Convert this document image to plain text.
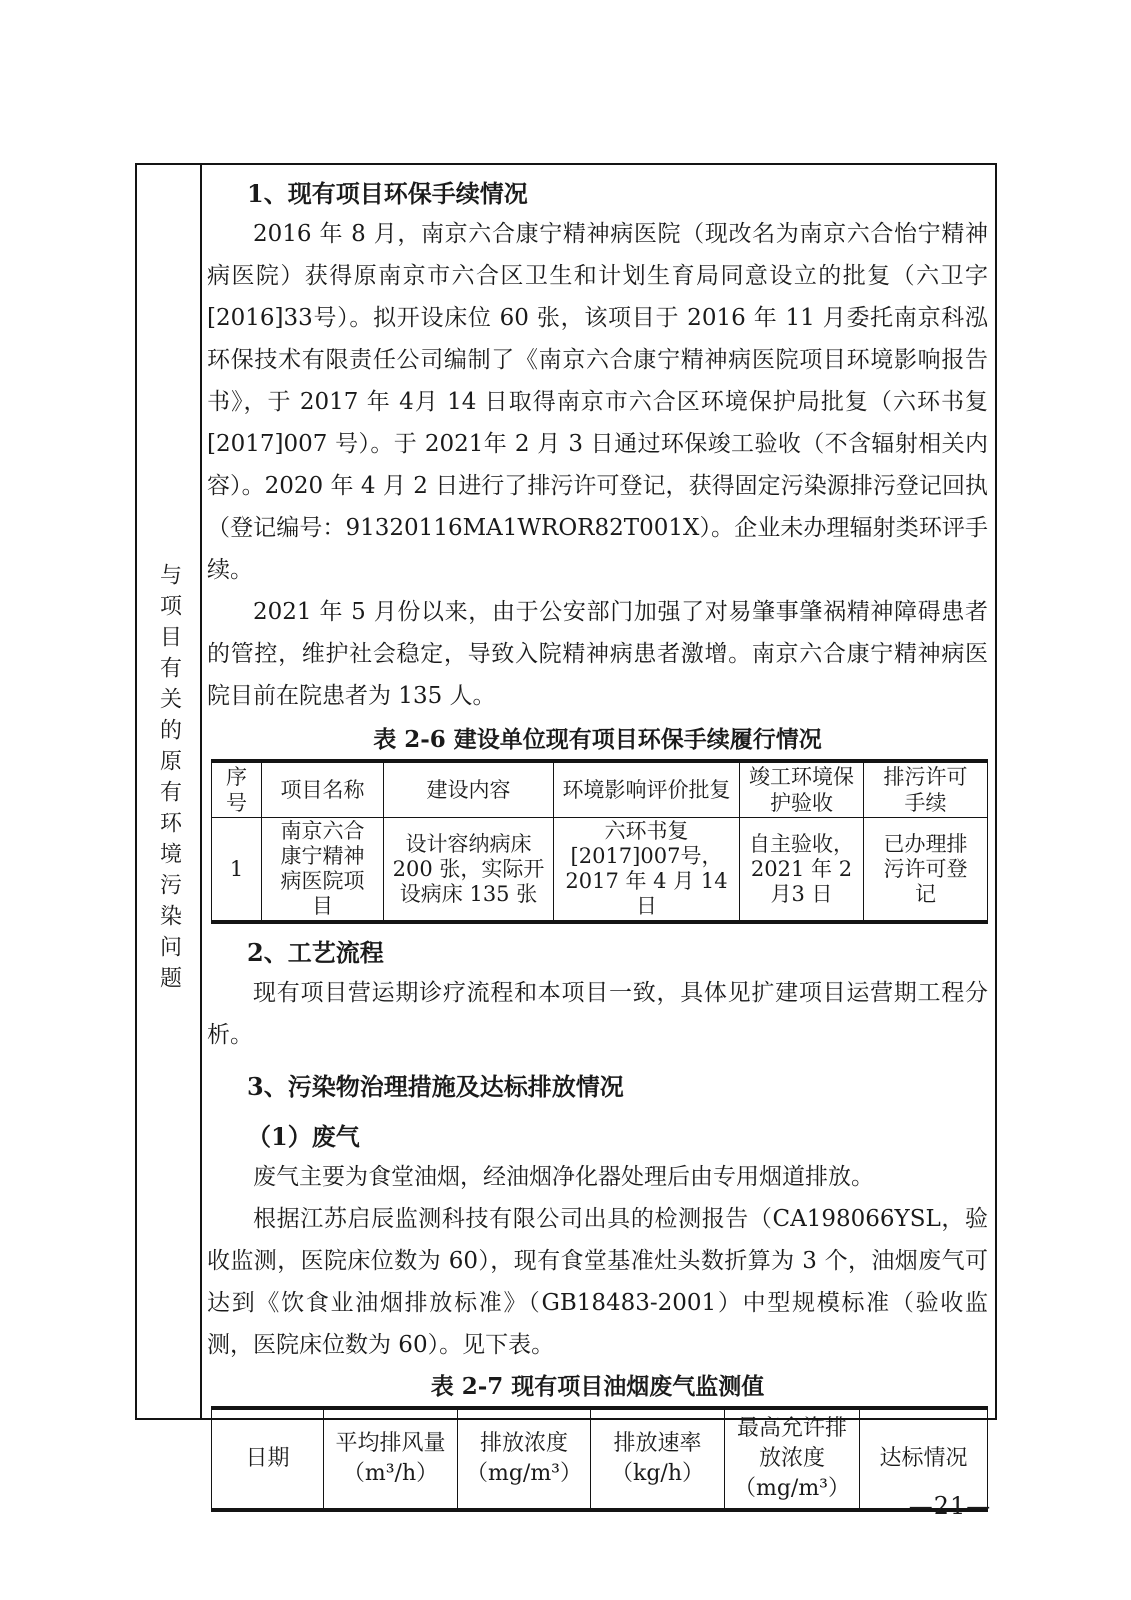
与项目有关的原有环境污染问题
1、现有项目环保手续情况

2016 年 8 月，南京六合康宁精神病医院（现改名为南京六合怡宁精神病医院）获得原南京市六合区卫生和计划生育局同意设立的批复（六卫字[2016]33号）。拟开设床位 60 张，该项目于 2016 年 11 月委托南京科泓环保技术有限责任公司编制了《南京六合康宁精神病医院项目环境影响报告书》，于 2017 年 4月 14 日取得南京市六合区环境保护局批复（六环书复[2017]007 号）。于 2021年 2 月 3 日通过环保竣工验收（不含辐射相关内容）。2020 年 4 月 2 日进行了排污许可登记，获得固定污染源排污登记回执（登记编号：91320116MA1WROR82T001X）。企业未办理辐射类环评手续。

2021 年 5 月份以来，由于公安部门加强了对易肇事肇祸精神障碍患者的管控，维护社会稳定，导致入院精神病患者激增。南京六合康宁精神病医院目前在院患者为 135 人。

表 2-6 建设单位现有项目环保手续履行情况
序号	项目名称	建设内容	环境影响评价批复	竣工环境保护验收	排污许可手续
1	南京六合康宁精神病医院项目	设计容纳病床 200 张，实际开设病床 135 张	六环书复[2017]007号，2017 年 4 月 14日	自主验收，2021 年 2 月3 日	已办理排污许可登记
2、工艺流程

现有项目营运期诊疗流程和本项目一致，具体见扩建项目运营期工程分析。

3、污染物治理措施及达标排放情况
（1）废气

废气主要为食堂油烟，经油烟净化器处理后由专用烟道排放。

根据江苏启辰监测科技有限公司出具的检测报告（CA198066YSL，验收监测，医院床位数为 60），现有食堂基准灶头数折算为 3 个，油烟废气可达到《饮食业油烟排放标准》（GB18483-2001）中型规模标准（验收监测，医院床位数为 60）。见下表。

表 2-7 现有项目油烟废气监测值
日期	平均排风量
（m³/h）
	排放浓度
（mg/m³）
	排放速率
（kg/h）
	最高允许排放浓度
（mg/m³）
	达标情况
—21—
